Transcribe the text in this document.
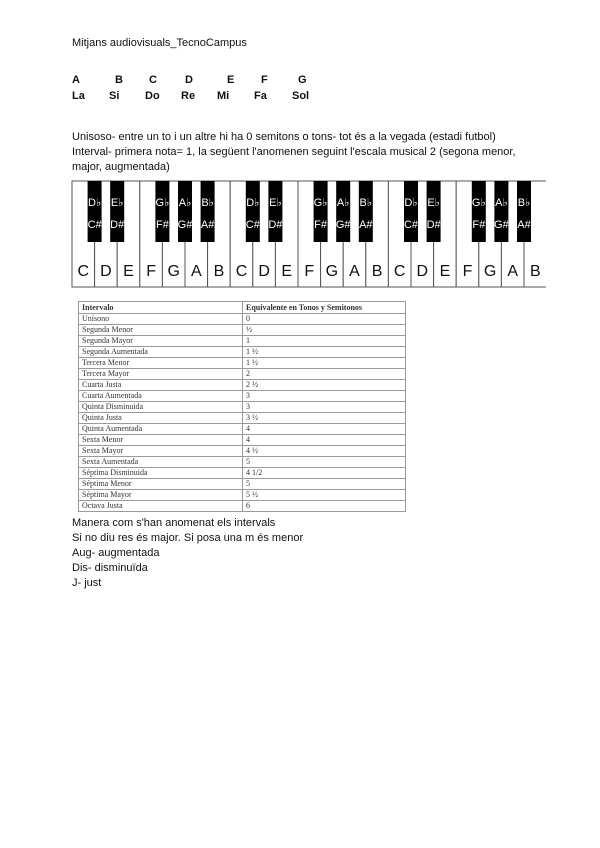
Mitjans audiovisuals_TecnoCampus
A	B	C	D	E	F	G
La	Si	Do	Re	Mi	Fa	Sol
Unisoso- entre un to i un altre hi ha 0 semitons o tons- tot és a la vegada (estadi futbol)
Interval- primera nota= 1, la següent l'anomenen seguint l'escala musical 2 (segona menor, major, augmentada)
C D E F G A B C D E F G A B C D E F G A B
D♭
C#
E♭
D#
G♭
F#
A♭
G#
B♭
A#
D♭
C#
E♭
D#
G♭
F#
A♭
G#
B♭
A#
D♭
C#
E♭
D#
G♭
F#
A♭
G#
B♭
A#
Intervalo	Equivalente en Tonos y Semitonos
Unísono	0
Segunda Menor	½
Segunda Mayor	1
Segunda Aumentada	1 ½
Tercera Menor	1 ½
Tercera Mayor	2
Cuarta Justa	2 ½
Cuarta Aumentada	3
Quinta Disminuida	3
Quinta Justa	3 ½
Quinta Aumentada	4
Sexta Menor	4
Sexta Mayor	4 ½
Sexta Aumentada	5
Séptima Disminuida	4 1/2
Séptima Menor	5
Séptima Mayor	5 ½
Octava Justa	6
Manera com s'han anomenat els intervals
Si no diu res és major. Si posa una m és menor
Aug- augmentada
Dis- disminuïda
J- just
